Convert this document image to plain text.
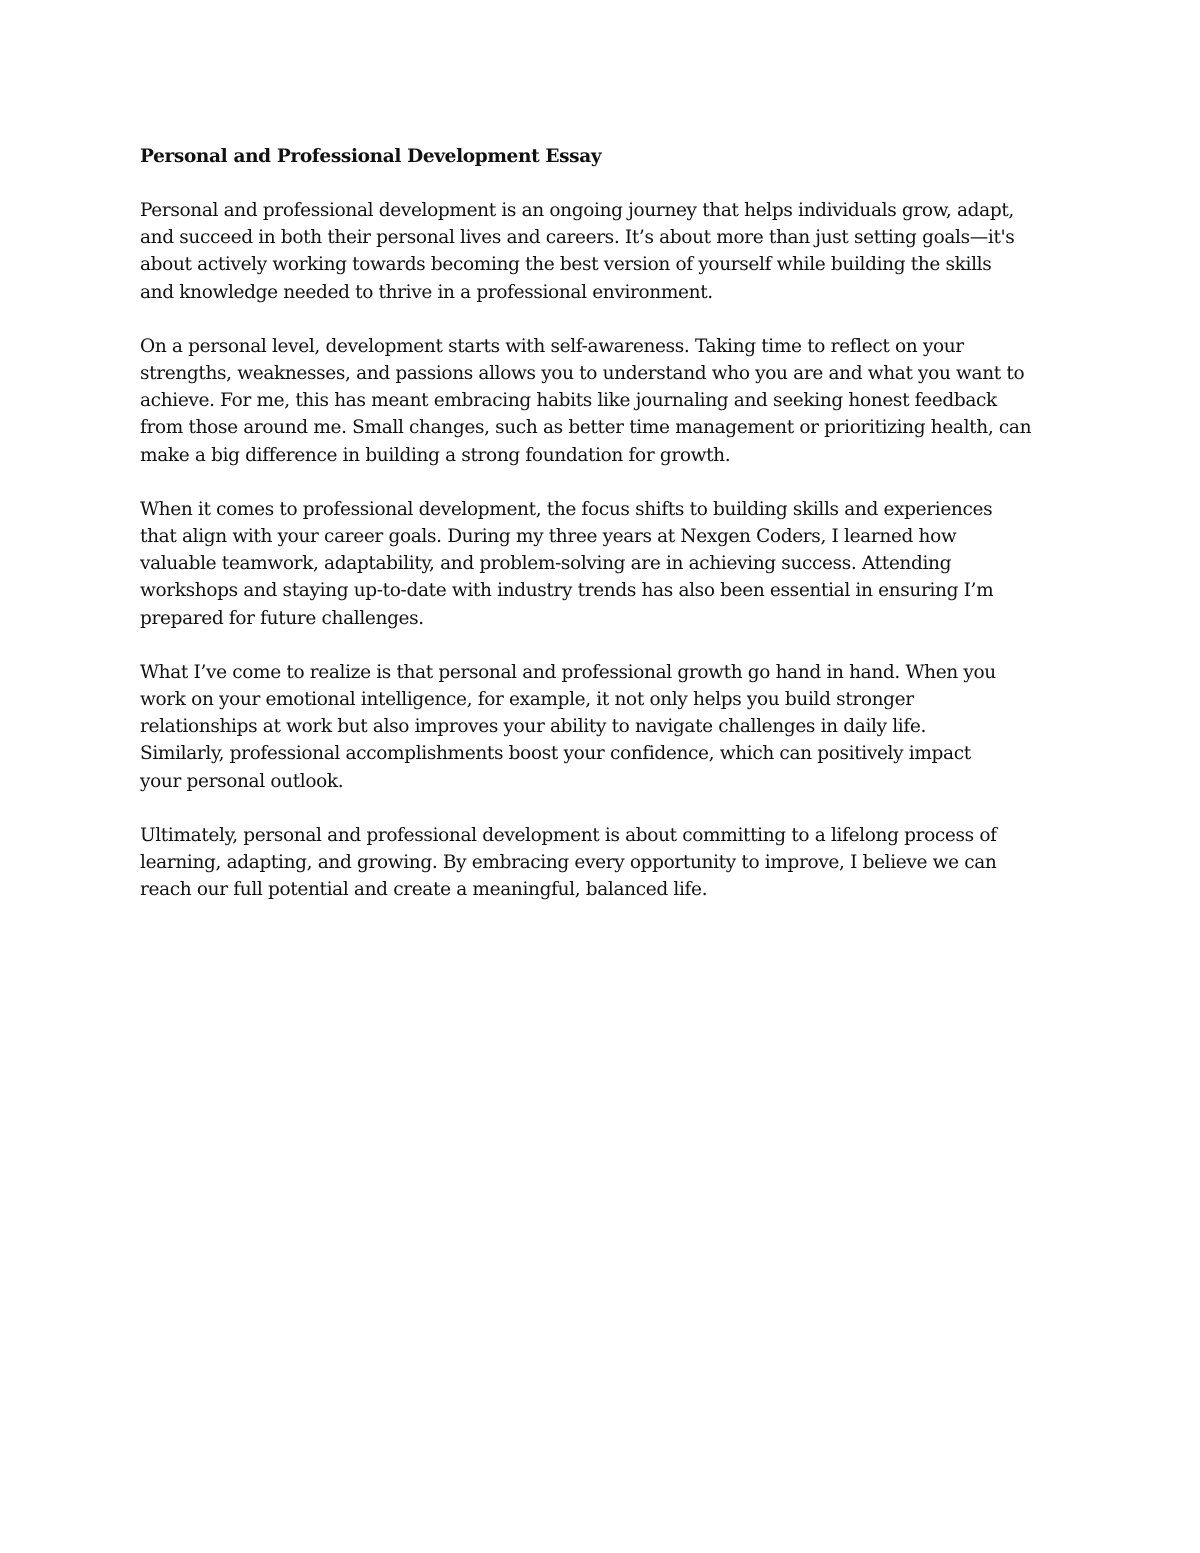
Personal and Professional Development Essay
Personal and professional development is an ongoing journey that helps individuals grow, adapt,
and succeed in both their personal lives and careers. It’s about more than just setting goals—it's
about actively working towards becoming the best version of yourself while building the skills
and knowledge needed to thrive in a professional environment.
On a personal level, development starts with self-awareness. Taking time to reflect on your
strengths, weaknesses, and passions allows you to understand who you are and what you want to
achieve. For me, this has meant embracing habits like journaling and seeking honest feedback
from those around me. Small changes, such as better time management or prioritizing health, can
make a big difference in building a strong foundation for growth.
When it comes to professional development, the focus shifts to building skills and experiences
that align with your career goals. During my three years at Nexgen Coders, I learned how
valuable teamwork, adaptability, and problem-solving are in achieving success. Attending
workshops and staying up-to-date with industry trends has also been essential in ensuring I’m
prepared for future challenges.
What I’ve come to realize is that personal and professional growth go hand in hand. When you
work on your emotional intelligence, for example, it not only helps you build stronger
relationships at work but also improves your ability to navigate challenges in daily life.
Similarly, professional accomplishments boost your confidence, which can positively impact
your personal outlook.
Ultimately, personal and professional development is about committing to a lifelong process of
learning, adapting, and growing. By embracing every opportunity to improve, I believe we can
reach our full potential and create a meaningful, balanced life.
